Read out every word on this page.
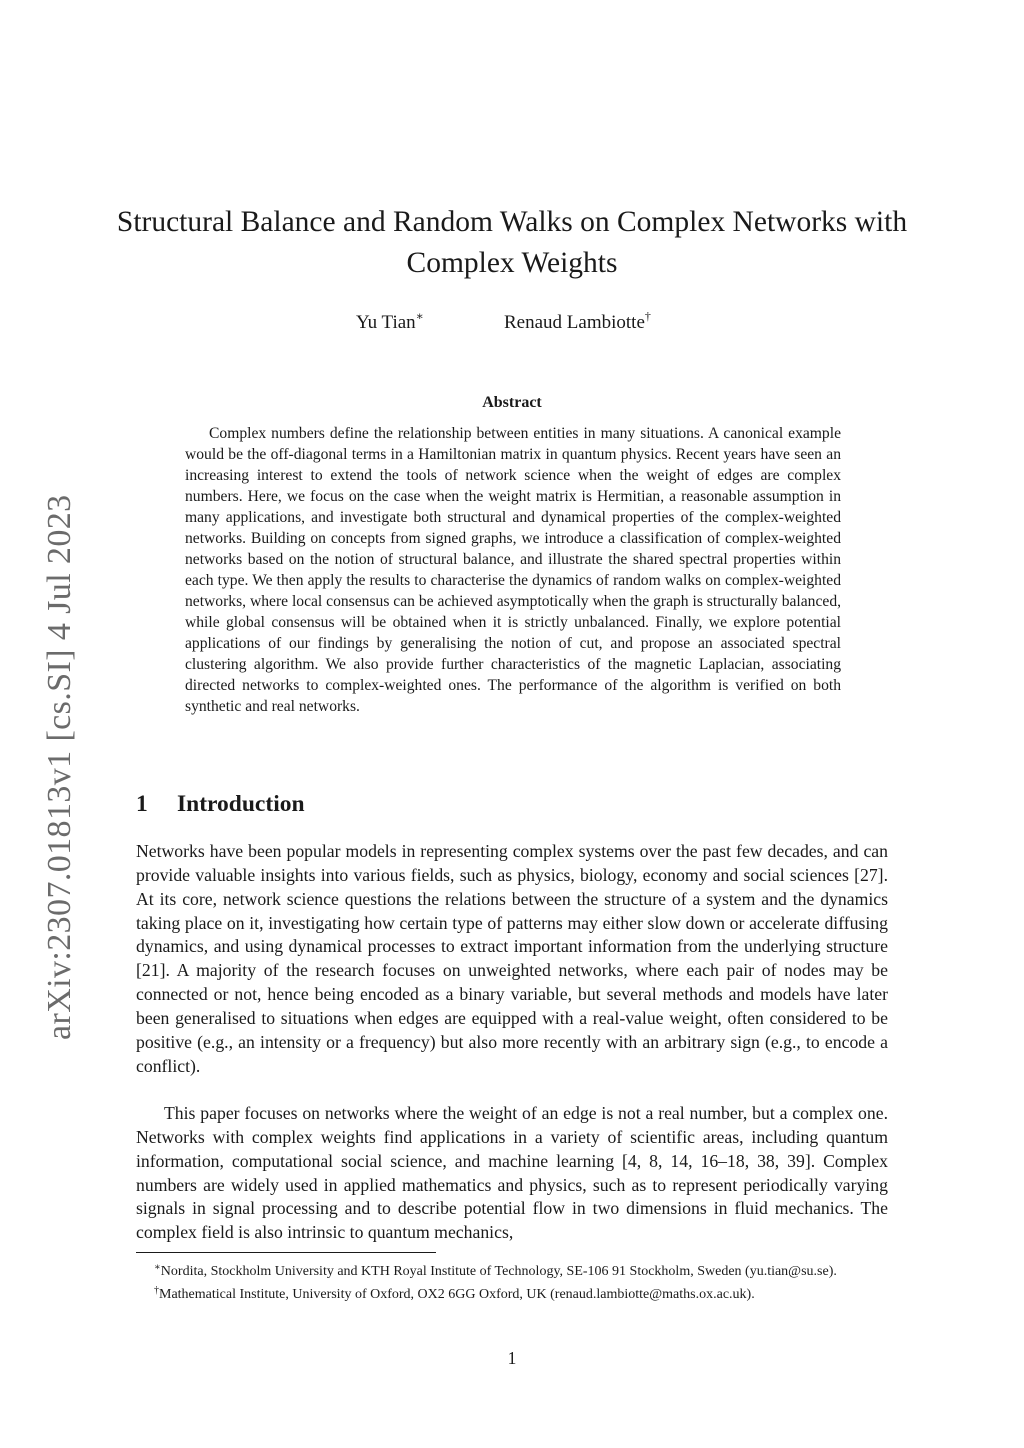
arXiv:2307.01813v1 [cs.SI] 4 Jul 2023
Structural Balance and Random Walks on Complex Networks with Complex Weights
Yu Tian∗	Renaud Lambiotte†
Abstract

Complex numbers define the relationship between entities in many situations. A canonical example would be the off-diagonal terms in a Hamiltonian matrix in quantum physics. Recent years have seen an increasing interest to extend the tools of network science when the weight of edges are complex numbers. Here, we focus on the case when the weight matrix is Hermitian, a reasonable assumption in many applications, and investigate both structural and dynamical properties of the complex-weighted networks. Building on concepts from signed graphs, we introduce a classification of complex-weighted networks based on the notion of structural balance, and illustrate the shared spectral properties within each type. We then apply the results to characterise the dynamics of random walks on complex-weighted networks, where local consensus can be achieved asymptotically when the graph is structurally balanced, while global consensus will be obtained when it is strictly unbalanced. Finally, we explore potential applications of our findings by generalising the notion of cut, and propose an associated spectral clustering algorithm. We also provide further characteristics of the magnetic Laplacian, associating directed networks to complex-weighted ones. The performance of the algorithm is verified on both synthetic and real networks.

1 Introduction

Networks have been popular models in representing complex systems over the past few decades, and can provide valuable insights into various fields, such as physics, biology, economy and social sciences [27]. At its core, network science questions the relations between the structure of a system and the dynamics taking place on it, investigating how certain type of patterns may either slow down or accelerate diffusing dynamics, and using dynamical processes to extract important information from the underlying structure [21]. A majority of the research focuses on unweighted networks, where each pair of nodes may be connected or not, hence being encoded as a binary variable, but several methods and models have later been generalised to situations when edges are equipped with a real-value weight, often considered to be positive (e.g., an intensity or a frequency) but also more recently with an arbitrary sign (e.g., to encode a conflict).

This paper focuses on networks where the weight of an edge is not a real number, but a complex one. Networks with complex weights find applications in a variety of scientific areas, including quantum information, computational social science, and machine learning [4, 8, 14, 16–18, 38, 39]. Complex numbers are widely used in applied mathematics and physics, such as to represent periodically varying signals in signal processing and to describe potential flow in two dimensions in fluid mechanics. The complex field is also intrinsic to quantum mechanics,

∗Nordita, Stockholm University and KTH Royal Institute of Technology, SE-106 91 Stockholm, Sweden (yu.tian@su.se).

†Mathematical Institute, University of Oxford, OX2 6GG Oxford, UK (renaud.lambiotte@maths.ox.ac.uk).

1
